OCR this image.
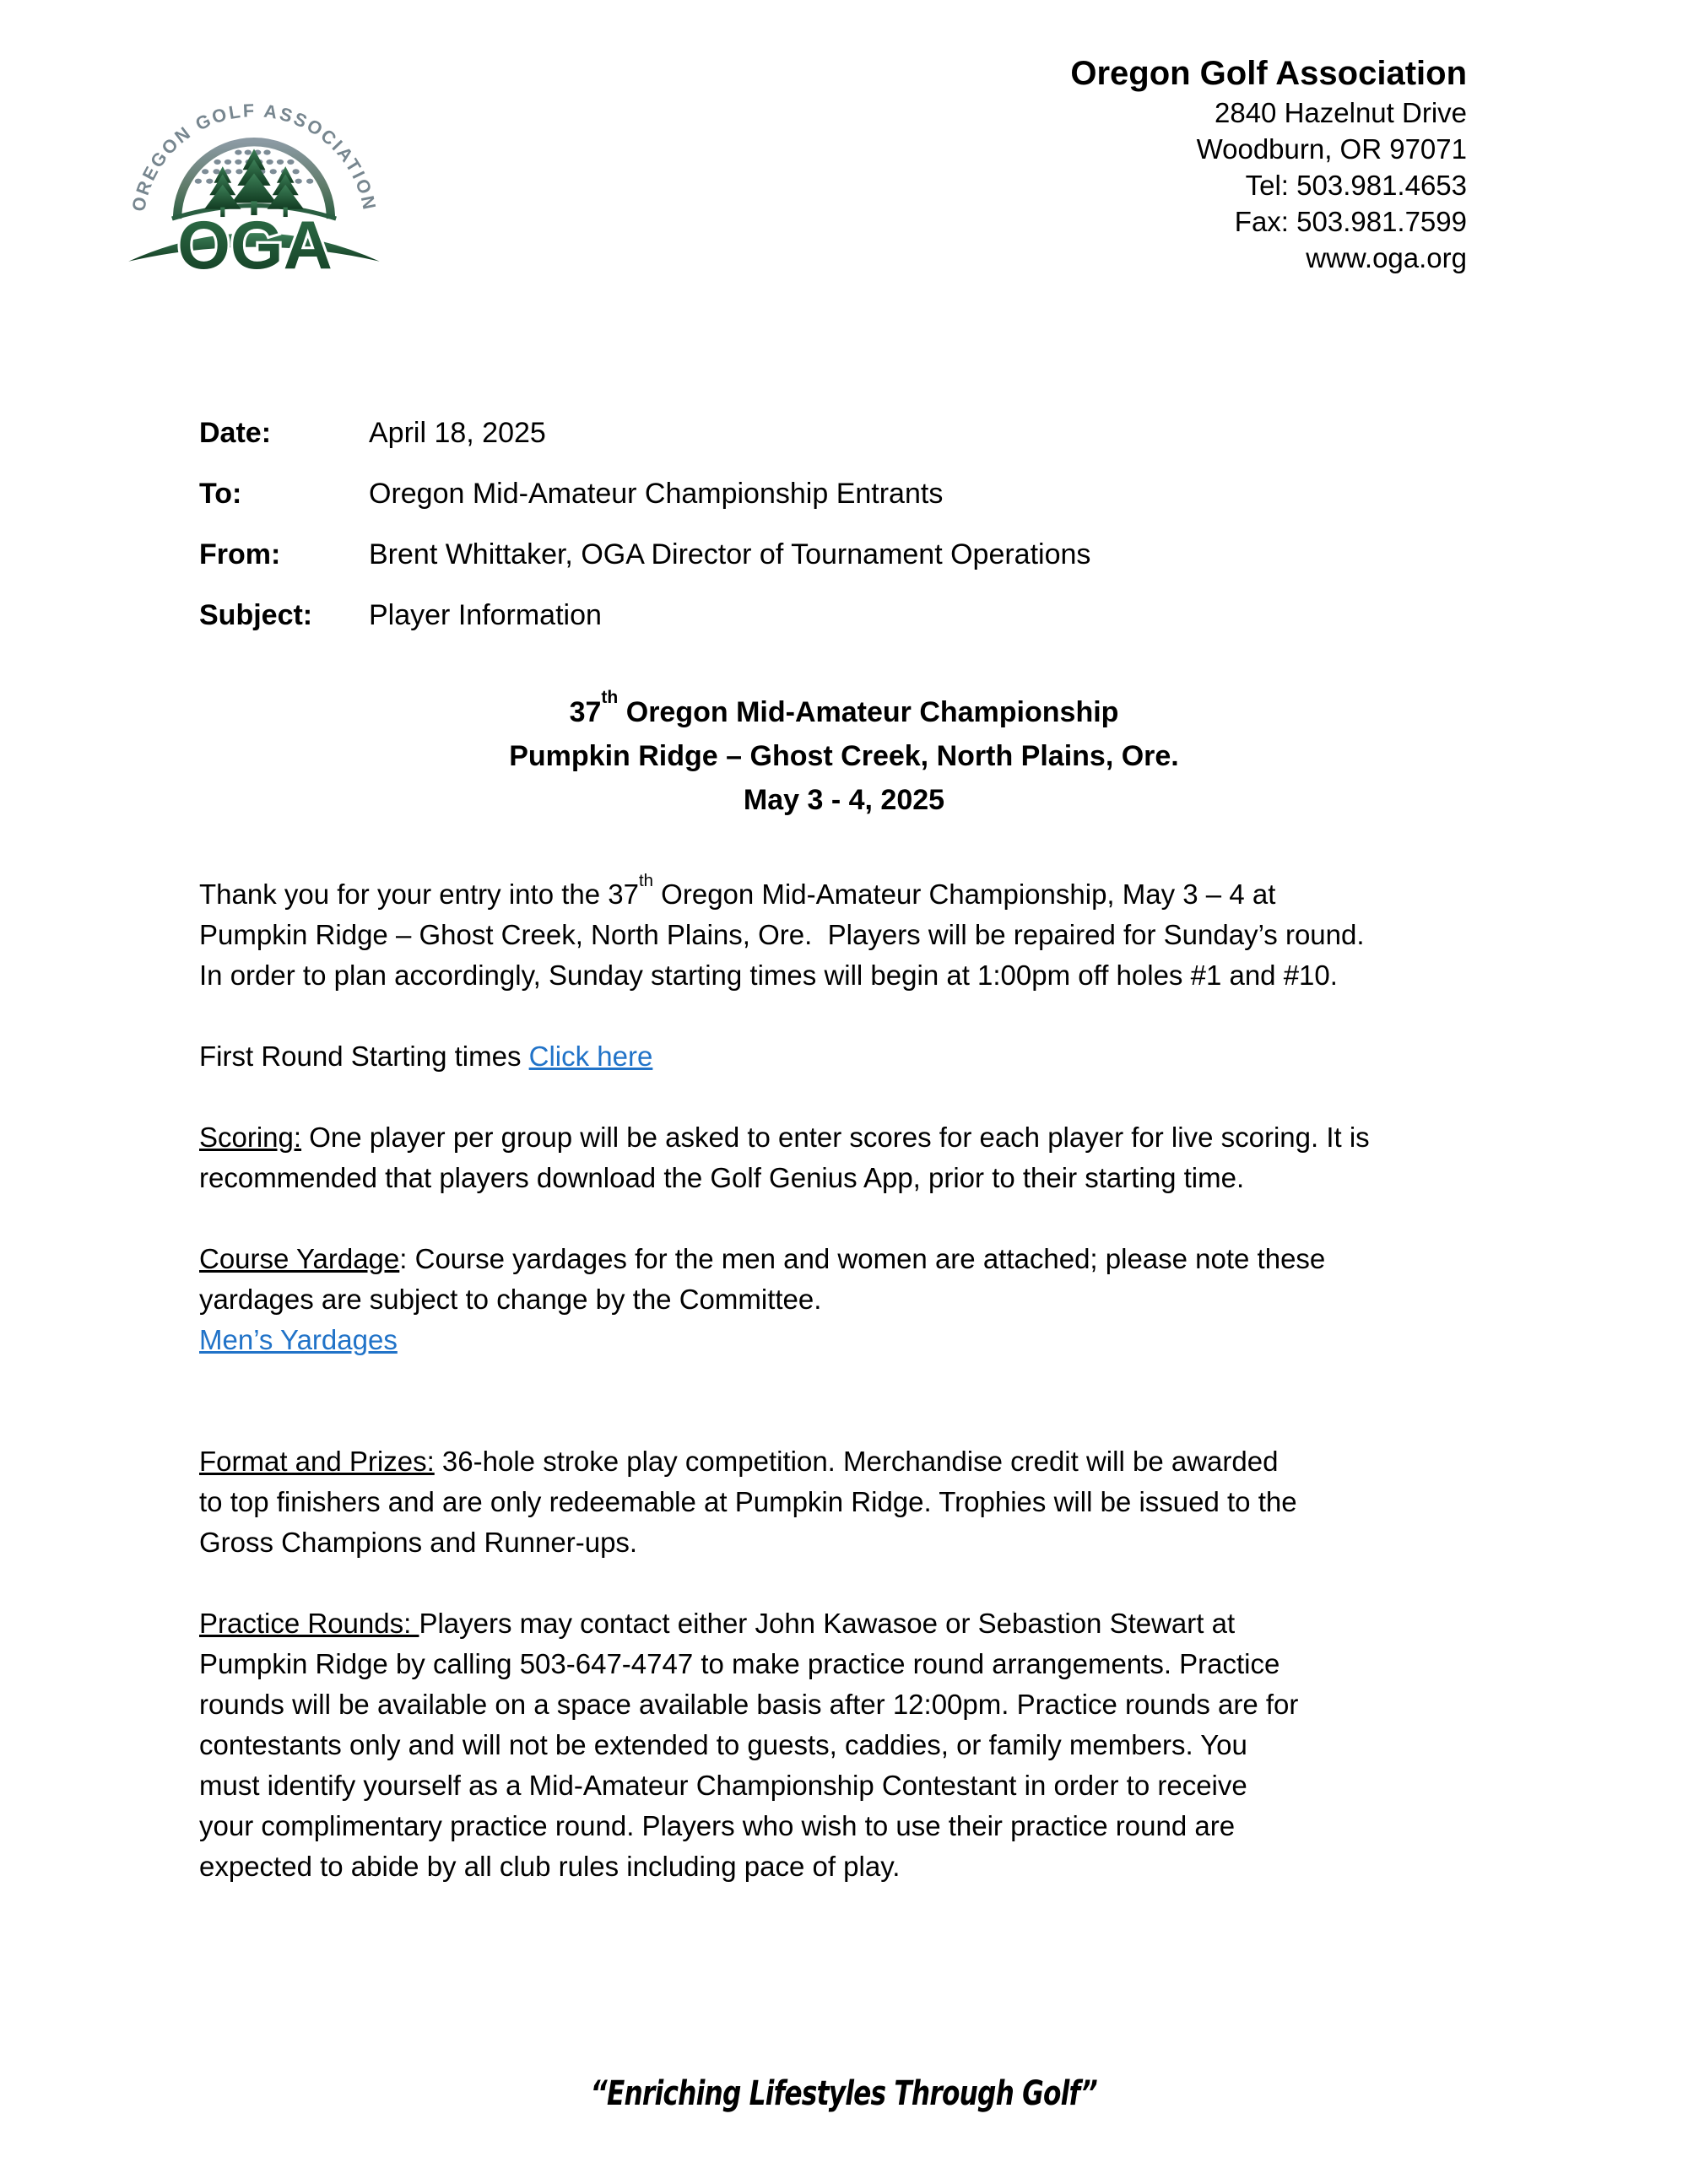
OREGON GOLF ASSOCIATION
OGA
Oregon Golf Association
2840 Hazelnut Drive
Woodburn, OR 97071
Tel: 503.981.4653
Fax: 503.981.7599
www.oga.org
Date:	April 18, 2025
To:	Oregon Mid-Amateur Championship Entrants
From:	Brent Whittaker, OGA Director of Tournament Operations
Subject:	Player Information
37th Oregon Mid-Amateur Championship
Pumpkin Ridge – Ghost Creek, North Plains, Ore.
May 3 - 4, 2025

Thank you for your entry into the 37th Oregon Mid-Amateur Championship, May 3 – 4 at
Pumpkin Ridge – Ghost Creek, North Plains, Ore.  Players will be repaired for Sunday’s round.
In order to plan accordingly, Sunday starting times will begin at 1:00pm off holes #1 and #10.

First Round Starting times Click here

Scoring: One player per group will be asked to enter scores for each player for live scoring. It is
recommended that players download the Golf Genius App, prior to their starting time.

Course Yardage: Course yardages for the men and women are attached; please note these
yardages are subject to change by the Committee.

Men’s Yardages

Format and Prizes: 36-hole stroke play competition. Merchandise credit will be awarded
to top finishers and are only redeemable at Pumpkin Ridge. Trophies will be issued to the
Gross Champions and Runner-ups.

Practice Rounds: Players may contact either John Kawasoe or Sebastion Stewart at
Pumpkin Ridge by calling 503-647-4747 to make practice round arrangements. Practice
rounds will be available on a space available basis after 12:00pm. Practice rounds are for
contestants only and will not be extended to guests, caddies, or family members. You
must identify yourself as a Mid-Amateur Championship Contestant in order to receive
your complimentary practice round. Players who wish to use their practice round are
expected to abide by all club rules including pace of play.

“Enriching Lifestyles Through Golf”
